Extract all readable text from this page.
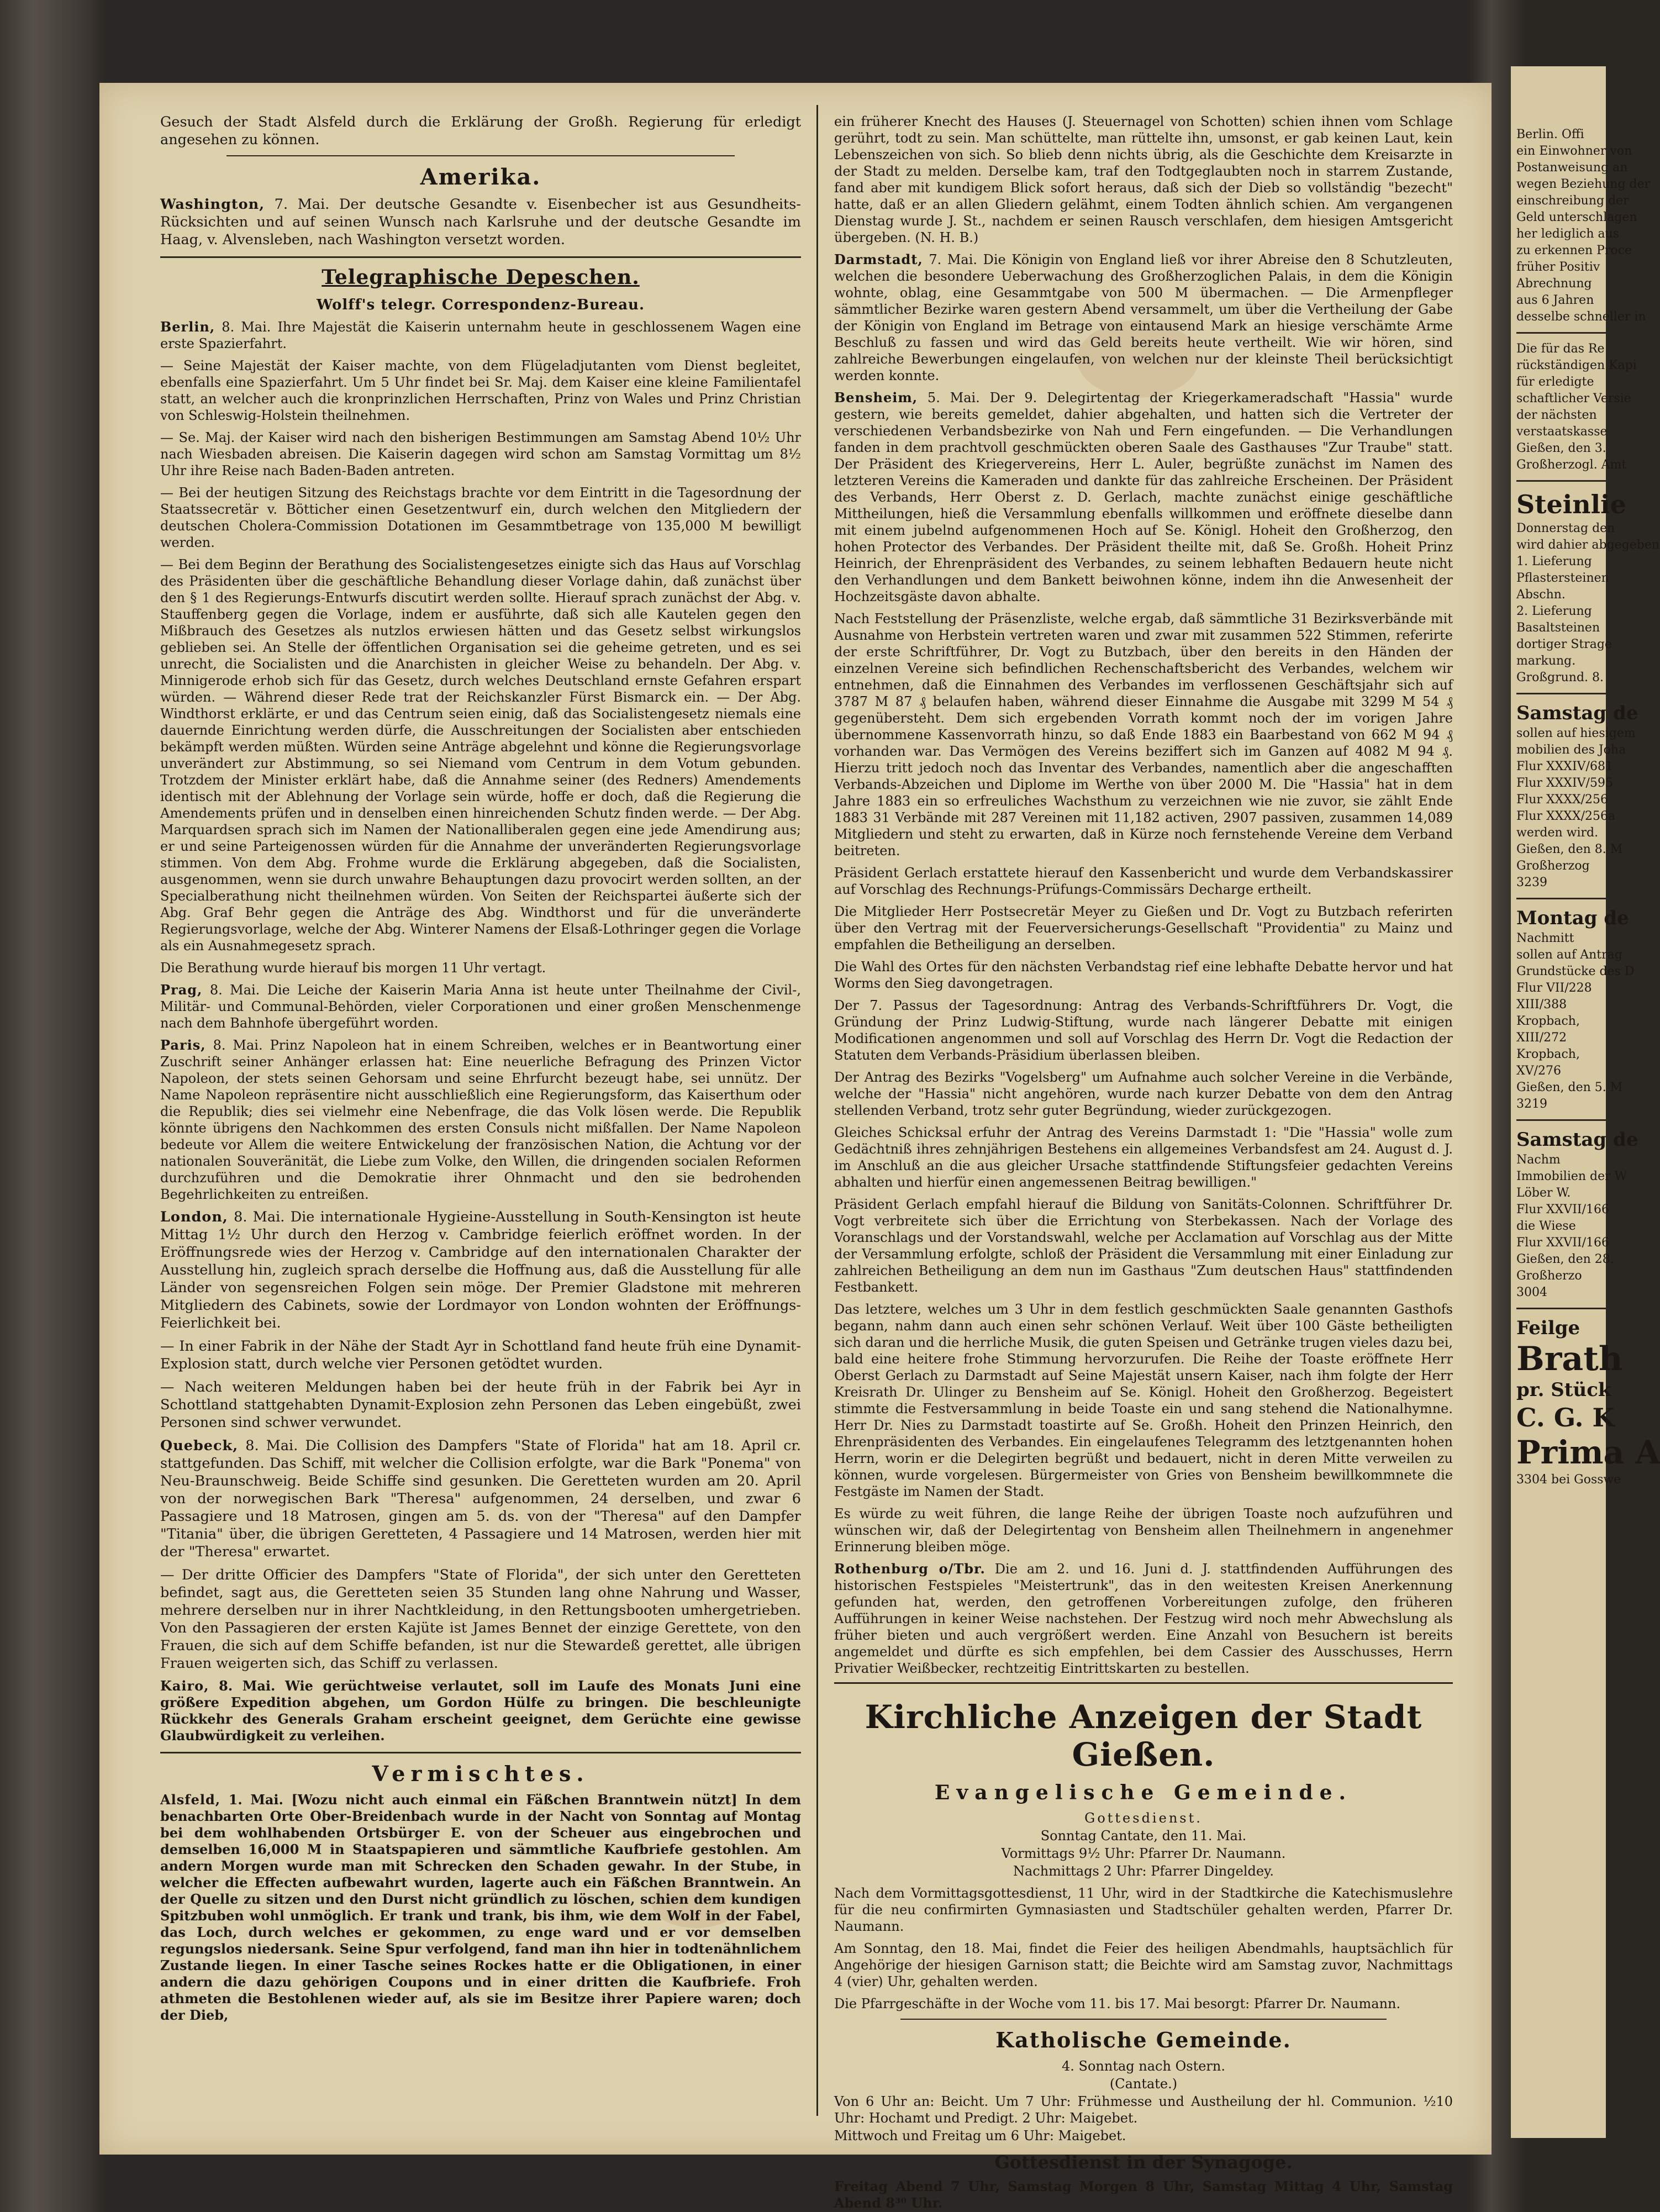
Gesuch der Stadt Alsfeld durch die Erklärung der Großh. Regierung für erledigt angesehen zu können.

Amerika.

Washington, 7. Mai. Der deutsche Gesandte v. Eisenbecher ist aus Gesundheits-Rücksichten und auf seinen Wunsch nach Karlsruhe und der deutsche Gesandte im Haag, v. Alvensleben, nach Washington versetzt worden.

Telegraphische Depeschen.
Wolff's telegr. Correspondenz-Bureau.

Berlin, 8. Mai. Ihre Majestät die Kaiserin unternahm heute in geschlossenem Wagen eine erste Spazierfahrt.

— Seine Majestät der Kaiser machte, von dem Flügeladjutanten vom Dienst begleitet, ebenfalls eine Spazierfahrt. Um 5 Uhr findet bei Sr. Maj. dem Kaiser eine kleine Familientafel statt, an welcher auch die kronprinzlichen Herrschaften, Prinz von Wales und Prinz Christian von Schleswig-Holstein theilnehmen.

— Se. Maj. der Kaiser wird nach den bisherigen Bestimmungen am Samstag Abend 10½ Uhr nach Wiesbaden abreisen. Die Kaiserin dagegen wird schon am Samstag Vormittag um 8½ Uhr ihre Reise nach Baden-Baden antreten.

— Bei der heutigen Sitzung des Reichstags brachte vor dem Eintritt in die Tagesordnung der Staatssecretär v. Bötticher einen Gesetzentwurf ein, durch welchen den Mitgliedern der deutschen Cholera-Commission Dotationen im Gesammtbetrage von 135,000 M bewilligt werden.

— Bei dem Beginn der Berathung des Socialistengesetzes einigte sich das Haus auf Vorschlag des Präsidenten über die geschäftliche Behandlung dieser Vorlage dahin, daß zunächst über den § 1 des Regierungs-Entwurfs discutirt werden sollte. Hierauf sprach zunächst der Abg. v. Stauffenberg gegen die Vorlage, indem er ausführte, daß sich alle Kautelen gegen den Mißbrauch des Gesetzes als nutzlos erwiesen hätten und das Gesetz selbst wirkungslos geblieben sei. An Stelle der öffentlichen Organisation sei die geheime getreten, und es sei unrecht, die Socialisten und die Anarchisten in gleicher Weise zu behandeln. Der Abg. v. Minnigerode erhob sich für das Gesetz, durch welches Deutschland ernste Gefahren erspart würden. — Während dieser Rede trat der Reichskanzler Fürst Bismarck ein. — Der Abg. Windthorst erklärte, er und das Centrum seien einig, daß das Socialistengesetz niemals eine dauernde Einrichtung werden dürfe, die Ausschreitungen der Socialisten aber entschieden bekämpft werden müßten. Würden seine Anträge abgelehnt und könne die Regierungsvorlage unverändert zur Abstimmung, so sei Niemand vom Centrum in dem Votum gebunden. Trotzdem der Minister erklärt habe, daß die Annahme seiner (des Redners) Amendements identisch mit der Ablehnung der Vorlage sein würde, hoffe er doch, daß die Regierung die Amendements prüfen und in denselben einen hinreichenden Schutz finden werde. — Der Abg. Marquardsen sprach sich im Namen der Nationalliberalen gegen eine jede Amendirung aus; er und seine Parteigenossen würden für die Annahme der unveränderten Regierungsvorlage stimmen. Von dem Abg. Frohme wurde die Erklärung abgegeben, daß die Socialisten, ausgenommen, wenn sie durch unwahre Behauptungen dazu provocirt werden sollten, an der Specialberathung nicht theilnehmen würden. Von Seiten der Reichspartei äußerte sich der Abg. Graf Behr gegen die Anträge des Abg. Windthorst und für die unveränderte Regierungsvorlage, welche der Abg. Winterer Namens der Elsaß-Lothringer gegen die Vorlage als ein Ausnahmegesetz sprach.

Die Berathung wurde hierauf bis morgen 11 Uhr vertagt.

Prag, 8. Mai. Die Leiche der Kaiserin Maria Anna ist heute unter Theilnahme der Civil-, Militär- und Communal-Behörden, vieler Corporationen und einer großen Menschenmenge nach dem Bahnhofe übergeführt worden.

Paris, 8. Mai. Prinz Napoleon hat in einem Schreiben, welches er in Beantwortung einer Zuschrift seiner Anhänger erlassen hat: Eine neuerliche Befragung des Prinzen Victor Napoleon, der stets seinen Gehorsam und seine Ehrfurcht bezeugt habe, sei unnütz. Der Name Napoleon repräsentire nicht ausschließlich eine Regierungsform, das Kaiserthum oder die Republik; dies sei vielmehr eine Nebenfrage, die das Volk lösen werde. Die Republik könnte übrigens den Nachkommen des ersten Consuls nicht mißfallen. Der Name Napoleon bedeute vor Allem die weitere Entwickelung der französischen Nation, die Achtung vor der nationalen Souveränität, die Liebe zum Volke, den Willen, die dringenden socialen Reformen durchzuführen und die Demokratie ihrer Ohnmacht und den sie bedrohenden Begehrlichkeiten zu entreißen.

London, 8. Mai. Die internationale Hygieine-Ausstellung in South-Kensington ist heute Mittag 1½ Uhr durch den Herzog v. Cambridge feierlich eröffnet worden. In der Eröffnungsrede wies der Herzog v. Cambridge auf den internationalen Charakter der Ausstellung hin, zugleich sprach derselbe die Hoffnung aus, daß die Ausstellung für alle Länder von segensreichen Folgen sein möge. Der Premier Gladstone mit mehreren Mitgliedern des Cabinets, sowie der Lordmayor von London wohnten der Eröffnungs-Feierlichkeit bei.

— In einer Fabrik in der Nähe der Stadt Ayr in Schottland fand heute früh eine Dynamit-Explosion statt, durch welche vier Personen getödtet wurden.

— Nach weiteren Meldungen haben bei der heute früh in der Fabrik bei Ayr in Schottland stattgehabten Dynamit-Explosion zehn Personen das Leben eingebüßt, zwei Personen sind schwer verwundet.

Quebeck, 8. Mai. Die Collision des Dampfers "State of Florida" hat am 18. April cr. stattgefunden. Das Schiff, mit welcher die Collision erfolgte, war die Bark "Ponema" von Neu-Braunschweig. Beide Schiffe sind gesunken. Die Geretteten wurden am 20. April von der norwegischen Bark "Theresa" aufgenommen, 24 derselben, und zwar 6 Passagiere und 18 Matrosen, gingen am 5. ds. von der "Theresa" auf den Dampfer "Titania" über, die übrigen Geretteten, 4 Passagiere und 14 Matrosen, werden hier mit der "Theresa" erwartet.

— Der dritte Officier des Dampfers "State of Florida", der sich unter den Geretteten befindet, sagt aus, die Geretteten seien 35 Stunden lang ohne Nahrung und Wasser, mehrere derselben nur in ihrer Nachtkleidung, in den Rettungsbooten umhergetrieben. Von den Passagieren der ersten Kajüte ist James Bennet der einzige Gerettete, von den Frauen, die sich auf dem Schiffe befanden, ist nur die Stewardeß gerettet, alle übrigen Frauen weigerten sich, das Schiff zu verlassen.

Kairo, 8. Mai. Wie gerüchtweise verlautet, soll im Laufe des Monats Juni eine größere Expedition abgehen, um Gordon Hülfe zu bringen. Die beschleunigte Rückkehr des Generals Graham erscheint geeignet, dem Gerüchte eine gewisse Glaubwürdigkeit zu verleihen.

Vermischtes.

Alsfeld, 1. Mai. [Wozu nicht auch einmal ein Fäßchen Branntwein nützt] In dem benachbarten Orte Ober-Breidenbach wurde in der Nacht von Sonntag auf Montag bei dem wohlhabenden Ortsbürger E. von der Scheuer aus eingebrochen und demselben 16,000 M in Staatspapieren und sämmtliche Kaufbriefe gestohlen. Am andern Morgen wurde man mit Schrecken den Schaden gewahr. In der Stube, in welcher die Effecten aufbewahrt wurden, lagerte auch ein Fäßchen Branntwein. An der Quelle zu sitzen und den Durst nicht gründlich zu löschen, schien dem kundigen Spitzbuben wohl unmöglich. Er trank und trank, bis ihm, wie dem Wolf in der Fabel, das Loch, durch welches er gekommen, zu enge ward und er vor demselben regungslos niedersank. Seine Spur verfolgend, fand man ihn hier in todtenähnlichem Zustande liegen. In einer Tasche seines Rockes hatte er die Obligationen, in einer andern die dazu gehörigen Coupons und in einer dritten die Kaufbriefe. Froh athmeten die Bestohlenen wieder auf, als sie im Besitze ihrer Papiere waren; doch der Dieb,

ein früherer Knecht des Hauses (J. Steuernagel von Schotten) schien ihnen vom Schlage gerührt, todt zu sein. Man schüttelte, man rüttelte ihn, umsonst, er gab keinen Laut, kein Lebenszeichen von sich. So blieb denn nichts übrig, als die Geschichte dem Kreisarzte in der Stadt zu melden. Derselbe kam, traf den Todtgeglaubten noch in starrem Zustande, fand aber mit kundigem Blick sofort heraus, daß sich der Dieb so vollständig "bezecht" hatte, daß er an allen Gliedern gelähmt, einem Todten ähnlich schien. Am vergangenen Dienstag wurde J. St., nachdem er seinen Rausch verschlafen, dem hiesigen Amtsgericht übergeben. (N. H. B.)

Darmstadt, 7. Mai. Die Königin von England ließ vor ihrer Abreise den 8 Schutzleuten, welchen die besondere Ueberwachung des Großherzoglichen Palais, in dem die Königin wohnte, oblag, eine Gesammtgabe von 500 M übermachen. — Die Armenpfleger sämmtlicher Bezirke waren gestern Abend versammelt, um über die Vertheilung der Gabe der Königin von England im Betrage von eintausend Mark an hiesige verschämte Arme Beschluß zu fassen und wird das Geld bereits heute vertheilt. Wie wir hören, sind zahlreiche Bewerbungen eingelaufen, von welchen nur der kleinste Theil berücksichtigt werden konnte.

Bensheim, 5. Mai. Der 9. Delegirtentag der Kriegerkameradschaft "Hassia" wurde gestern, wie bereits gemeldet, dahier abgehalten, und hatten sich die Vertreter der verschiedenen Verbandsbezirke von Nah und Fern eingefunden. — Die Verhandlungen fanden in dem prachtvoll geschmückten oberen Saale des Gasthauses "Zur Traube" statt. Der Präsident des Kriegervereins, Herr L. Auler, begrüßte zunächst im Namen des letzteren Vereins die Kameraden und dankte für das zahlreiche Erscheinen. Der Präsident des Verbands, Herr Oberst z. D. Gerlach, machte zunächst einige geschäftliche Mittheilungen, hieß die Versammlung ebenfalls willkommen und eröffnete dieselbe dann mit einem jubelnd aufgenommenen Hoch auf Se. Königl. Hoheit den Großherzog, den hohen Protector des Verbandes. Der Präsident theilte mit, daß Se. Großh. Hoheit Prinz Heinrich, der Ehrenpräsident des Verbandes, zu seinem lebhaften Bedauern heute nicht den Verhandlungen und dem Bankett beiwohnen könne, indem ihn die Anwesenheit der Hochzeitsgäste davon abhalte.

Nach Feststellung der Präsenzliste, welche ergab, daß sämmtliche 31 Bezirksverbände mit Ausnahme von Herbstein vertreten waren und zwar mit zusammen 522 Stimmen, referirte der erste Schriftführer, Dr. Vogt zu Butzbach, über den bereits in den Händen der einzelnen Vereine sich befindlichen Rechenschaftsbericht des Verbandes, welchem wir entnehmen, daß die Einnahmen des Verbandes im verflossenen Geschäftsjahr sich auf 3787 M 87 ₰ belaufen haben, während dieser Einnahme die Ausgabe mit 3299 M 54 ₰ gegenübersteht. Dem sich ergebenden Vorrath kommt noch der im vorigen Jahre übernommene Kassenvorrath hinzu, so daß Ende 1883 ein Baarbestand von 662 M 94 ₰ vorhanden war. Das Vermögen des Vereins beziffert sich im Ganzen auf 4082 M 94 ₰. Hierzu tritt jedoch noch das Inventar des Verbandes, namentlich aber die angeschafften Verbands-Abzeichen und Diplome im Werthe von über 2000 M. Die "Hassia" hat in dem Jahre 1883 ein so erfreuliches Wachsthum zu verzeichnen wie nie zuvor, sie zählt Ende 1883 31 Verbände mit 287 Vereinen mit 11,182 activen, 2907 passiven, zusammen 14,089 Mitgliedern und steht zu erwarten, daß in Kürze noch fernstehende Vereine dem Verband beitreten.

Präsident Gerlach erstattete hierauf den Kassenbericht und wurde dem Verbandskassirer auf Vorschlag des Rechnungs-Prüfungs-Commissärs Decharge ertheilt.

Die Mitglieder Herr Postsecretär Meyer zu Gießen und Dr. Vogt zu Butzbach referirten über den Vertrag mit der Feuerversicherungs-Gesellschaft "Providentia" zu Mainz und empfahlen die Betheiligung an derselben.

Die Wahl des Ortes für den nächsten Verbandstag rief eine lebhafte Debatte hervor und hat Worms den Sieg davongetragen.

Der 7. Passus der Tagesordnung: Antrag des Verbands-Schriftführers Dr. Vogt, die Gründung der Prinz Ludwig-Stiftung, wurde nach längerer Debatte mit einigen Modificationen angenommen und soll auf Vorschlag des Herrn Dr. Vogt die Redaction der Statuten dem Verbands-Präsidium überlassen bleiben.

Der Antrag des Bezirks "Vogelsberg" um Aufnahme auch solcher Vereine in die Verbände, welche der "Hassia" nicht angehören, wurde nach kurzer Debatte von dem den Antrag stellenden Verband, trotz sehr guter Begründung, wieder zurückgezogen.

Gleiches Schicksal erfuhr der Antrag des Vereins Darmstadt 1: "Die "Hassia" wolle zum Gedächtniß ihres zehnjährigen Bestehens ein allgemeines Verbandsfest am 24. August d. J. im Anschluß an die aus gleicher Ursache stattfindende Stiftungsfeier gedachten Vereins abhalten und hierfür einen angemessenen Beitrag bewilligen."

Präsident Gerlach empfahl hierauf die Bildung von Sanitäts-Colonnen. Schriftführer Dr. Vogt verbreitete sich über die Errichtung von Sterbekassen. Nach der Vorlage des Voranschlags und der Vorstandswahl, welche per Acclamation auf Vorschlag aus der Mitte der Versammlung erfolgte, schloß der Präsident die Versammlung mit einer Einladung zur zahlreichen Betheiligung an dem nun im Gasthaus "Zum deutschen Haus" stattfindenden Festbankett.

Das letztere, welches um 3 Uhr in dem festlich geschmückten Saale genannten Gasthofs begann, nahm dann auch einen sehr schönen Verlauf. Weit über 100 Gäste betheiligten sich daran und die herrliche Musik, die guten Speisen und Getränke trugen vieles dazu bei, bald eine heitere frohe Stimmung hervorzurufen. Die Reihe der Toaste eröffnete Herr Oberst Gerlach zu Darmstadt auf Seine Majestät unsern Kaiser, nach ihm folgte der Herr Kreisrath Dr. Ulinger zu Bensheim auf Se. Königl. Hoheit den Großherzog. Begeistert stimmte die Festversammlung in beide Toaste ein und sang stehend die Nationalhymne. Herr Dr. Nies zu Darmstadt toastirte auf Se. Großh. Hoheit den Prinzen Heinrich, den Ehrenpräsidenten des Verbandes. Ein eingelaufenes Telegramm des letztgenannten hohen Herrn, worin er die Delegirten begrüßt und bedauert, nicht in deren Mitte verweilen zu können, wurde vorgelesen. Bürgermeister von Gries von Bensheim bewillkommnete die Festgäste im Namen der Stadt.

Es würde zu weit führen, die lange Reihe der übrigen Toaste noch aufzuführen und wünschen wir, daß der Delegirtentag von Bensheim allen Theilnehmern in angenehmer Erinnerung bleiben möge.

Rothenburg o/Tbr. Die am 2. und 16. Juni d. J. stattfindenden Aufführungen des historischen Festspieles "Meistertrunk", das in den weitesten Kreisen Anerkennung gefunden hat, werden, den getroffenen Vorbereitungen zufolge, den früheren Aufführungen in keiner Weise nachstehen. Der Festzug wird noch mehr Abwechslung als früher bieten und auch vergrößert werden. Eine Anzahl von Besuchern ist bereits angemeldet und dürfte es sich empfehlen, bei dem Cassier des Ausschusses, Herrn Privatier Weißbecker, rechtzeitig Eintrittskarten zu bestellen.

Kirchliche Anzeigen der Stadt Gießen.
Evangelische Gemeinde.

Gottesdienst.

Sonntag Cantate, den 11. Mai.

Vormittags 9½ Uhr: Pfarrer Dr. Naumann.

Nachmittags 2 Uhr: Pfarrer Dingeldey.

Nach dem Vormittagsgottesdienst, 11 Uhr, wird in der Stadtkirche die Katechismuslehre für die neu confirmirten Gymnasiasten und Stadtschüler gehalten werden, Pfarrer Dr. Naumann.

Am Sonntag, den 18. Mai, findet die Feier des heiligen Abendmahls, hauptsächlich für Angehörige der hiesigen Garnison statt; die Beichte wird am Samstag zuvor, Nachmittags 4 (vier) Uhr, gehalten werden.

Die Pfarrgeschäfte in der Woche vom 11. bis 17. Mai besorgt: Pfarrer Dr. Naumann.

Katholische Gemeinde.

4. Sonntag nach Ostern.

(Cantate.)

Von 6 Uhr an: Beicht. Um 7 Uhr: Frühmesse und Austheilung der hl. Communion. ½10 Uhr: Hochamt und Predigt. 2 Uhr: Maigebet.

Mittwoch und Freitag um 6 Uhr: Maigebet.

Gottesdienst in der Synagoge.

Freitag Abend 7 Uhr, Samstag Morgen 8 Uhr, Samstag Mittag 4 Uhr, Samstag Abend 8³⁰ Uhr.

Berlin. Offi
ein Einwohner von
Postanweisung an
wegen Beziehung der
einschreibung der
Geld unterschlagen
her lediglich aus
zu erkennen Proce
früher Positiv
Abrechnung
aus 6 Jahren
desselbe schneller in
Die für das Re
rückständigen Kapi
für erledigte
schaftlicher Versie
der nächsten
verstaatskasse
Gießen, den 3.
Großherzogl. Amt
Steinlie
Donnerstag den
wird dahier abgegeben
1. Lieferung
Pflastersteinen
Abschn.
2. Lieferung
Basaltsteinen
dortiger Strage
markung.
Großgrund. 8.
Samstag de
sollen auf hiesigem
mobilien des Joha
Flur XXXIV/681
Flur XXXIV/595
Flur XXXX/256
Flur XXXX/256a
werden wird.
Gießen, den 8. M
Großherzog
3239
Montag de
Nachmitt
sollen auf Antrag
Grundstücke des D
Flur VII/228
XIII/388
Kropbach,
XIII/272
Kropbach,
XV/276
Gießen, den 5. M
3219
Samstag de
Nachm
Immobilien der W
Löber W.
Flur XXVII/166
die Wiese
Flur XXVII/166
Gießen, den 28.
Großherzo
3004
Feilge
Brath
pr. Stück
C. G. K
Prima A
3304 bei Gosswe
